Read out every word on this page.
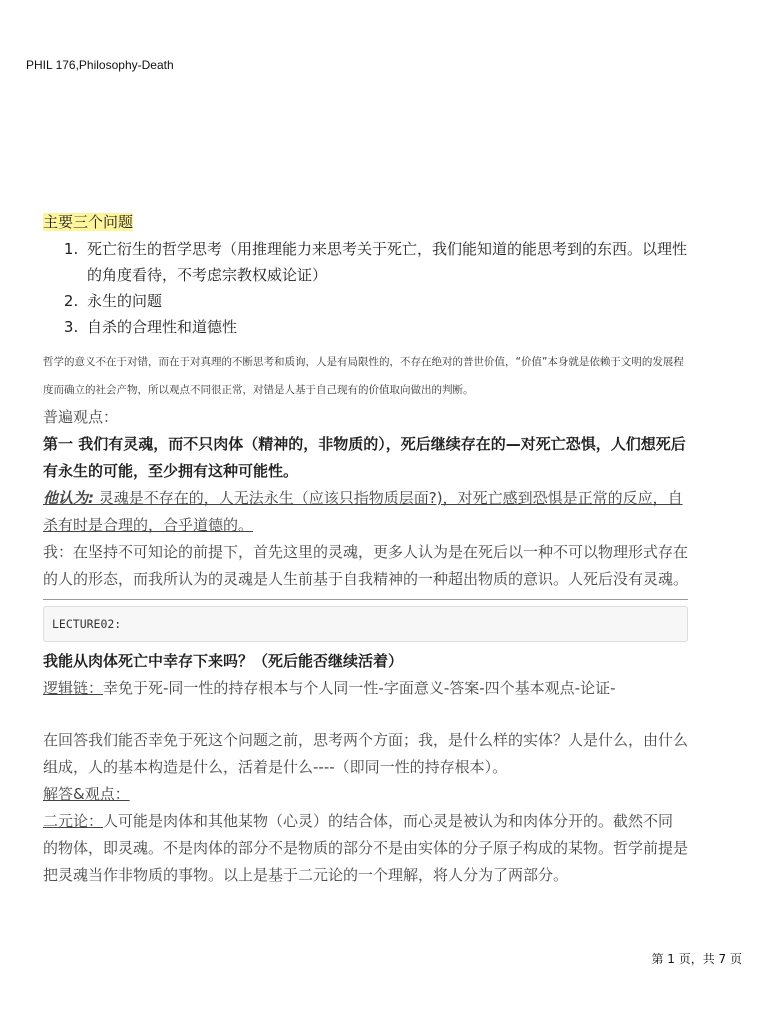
PHIL 176,Philosophy-Death
主要三个问题
1. 死亡衍生的哲学思考（用推理能力来思考关于死亡，我们能知道的能思考到的东西。以理性的角度看待，不考虑宗教权威论证）
2. 永生的问题
3. 自杀的合理性和道德性
哲学的意义不在于对错，而在于对真理的不断思考和质询，人是有局限性的，不存在绝对的普世价值，“价值”本身就是依赖于文明的发展程度而确立的社会产物，所以观点不同很正常，对错是人基于自己现有的价值取向做出的判断。

普遍观点：

第一 我们有灵魂，而不只肉体（精神的，非物质的），死后继续存在的—对死亡恐惧，人们想死后有永生的可能，至少拥有这种可能性。

他认为: 灵魂是不存在的，人无法永生（应该只指物质层面?)，对死亡感到恐惧是正常的反应，自杀有时是合理的，合乎道德的。

我：在坚持不可知论的前提下，首先这里的灵魂，更多人认为是在死后以一种不可以物理形式存在的人的形态，而我所认为的灵魂是人生前基于自我精神的一种超出物质的意识。人死后没有灵魂。

LECTURE02:

我能从肉体死亡中幸存下来吗？（死后能否继续活着）

逻辑链：幸免于死-同一性的持存根本与个人同一性-字面意义-答案-四个基本观点-论证-

在回答我们能否幸免于死这个问题之前，思考两个方面；我，是什么样的实体？人是什么，由什么组成，人的基本构造是什么，活着是什么----（即同一性的持存根本）。

解答&观点：

二元论：人可能是肉体和其他某物（心灵）的结合体，而心灵是被认为和肉体分开的。截然不同的物体，即灵魂。不是肉体的部分不是物质的部分不是由实体的分子原子构成的某物。哲学前提是把灵魂当作非物质的事物。以上是基于二元论的一个理解，将人分为了两部分。

第 1 页，共 7 页
